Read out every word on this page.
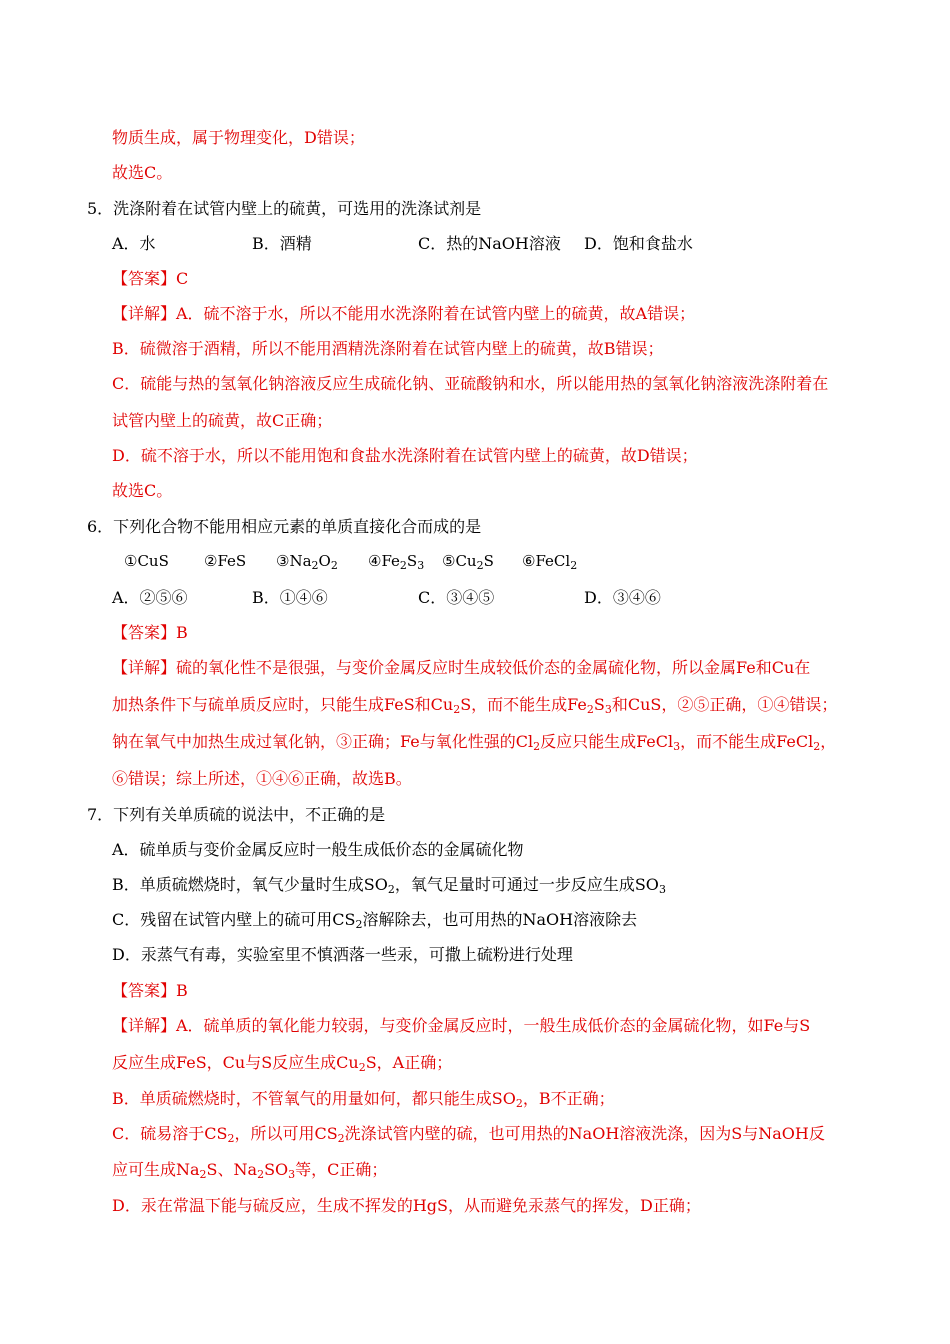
物质生成，属于物理变化，D错误；
故选C。
5．洗涤附着在试管内壁上的硫黄，可选用的洗涤试剂是
A．水	B．酒精	C．热的NaOH溶液 D．饱和食盐水
【答案】C
【详解】A．硫不溶于水，所以不能用水洗涤附着在试管内壁上的硫黄，故A错误；
B．硫微溶于酒精，所以不能用酒精洗涤附着在试管内壁上的硫黄，故B错误；
C．硫能与热的氢氧化钠溶液反应生成硫化钠、亚硫酸钠和水，所以能用热的氢氧化钠溶液洗涤附着在
试管内壁上的硫黄，故C正确；
D．硫不溶于水，所以不能用饱和食盐水洗涤附着在试管内壁上的硫黄，故D错误；
故选C。
6．下列化合物不能用相应元素的单质直接化合而成的是
①CuS ②FeS $③Na_2O_2$ $④Fe_2S_3$ $⑤Cu_2S$ ⑥FeCl$_2$
A．②⑤⑥	B．①④⑥	C．③④⑤	D．③④⑥
【答案】B
【详解】硫的氧化性不是很强，与变价金属反应时生成较低价态的金属硫化物，所以金属Fe和Cu在
加热条件下与硫单质反应时，只能生成FeS和$Cu_2S$，而不能生成$Fe_2S_3$和CuS，②⑤正确，①④错误；
钠在氧气中加热生成过氧化钠，③正确；Fe与氧化性强的$Cl_2$反应只能生成FeCl$_3$，而不能生成FeCl$_2$，
⑥错误；综上所述，①④⑥正确，故选B。
7．下列有关单质硫的说法中，不正确的是
A．硫单质与变价金属反应时一般生成低价态的金属硫化物
B．单质硫燃烧时，氧气少量时生成$SO_2$，氧气足量时可通过一步反应生成$SO_3$
C．残留在试管内壁上的硫可用$CS_2$溶解除去，也可用热的NaOH溶液除去
D．汞蒸气有毒，实验室里不慎洒落一些汞，可撒上硫粉进行处理
【答案】B
【详解】A．硫单质的氧化能力较弱，与变价金属反应时，一般生成低价态的金属硫化物，如Fe与S
反应生成FeS，Cu与S反应生成$Cu_2S$，A正确；
B．单质硫燃烧时，不管氧气的用量如何，都只能生成$SO_2$，B不正确；
C．硫易溶于$CS_2$，所以可用$CS_2$洗涤试管内壁的硫，也可用热的NaOH溶液洗涤，因为S与NaOH反
应可生成$Na_2S$、$Na_2SO_3$等，C正确；
D．汞在常温下能与硫反应，生成不挥发的HgS，从而避免汞蒸气的挥发，D正确；
